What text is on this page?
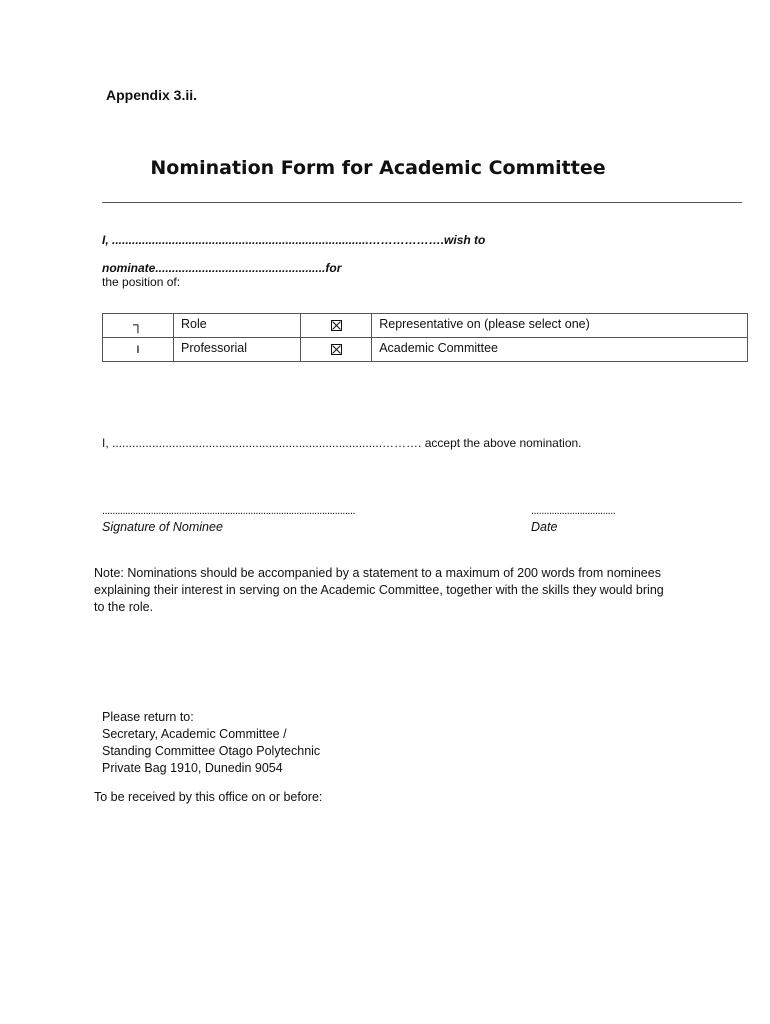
Appendix 3.ii.
Nomination Form for Academic Committee
I, .............................................................................……………….wish to
nominate...................................................for
the position of:
┐	Role		Representative on (please select one)
ı	Professorial		Academic Committee
I, .................................................................................………. accept the above nomination.
...................................................................................................	.................................
Signature of Nominee	Date
Note: Nominations should be accompanied by a statement to a maximum of 200 words from nominees explaining their interest in serving on the Academic Committee, together with the skills they would bring to the role.
Please return to:
Secretary, Academic Committee /
Standing Committee Otago Polytechnic
Private Bag 1910, Dunedin 9054
To be received by this office on or before:
